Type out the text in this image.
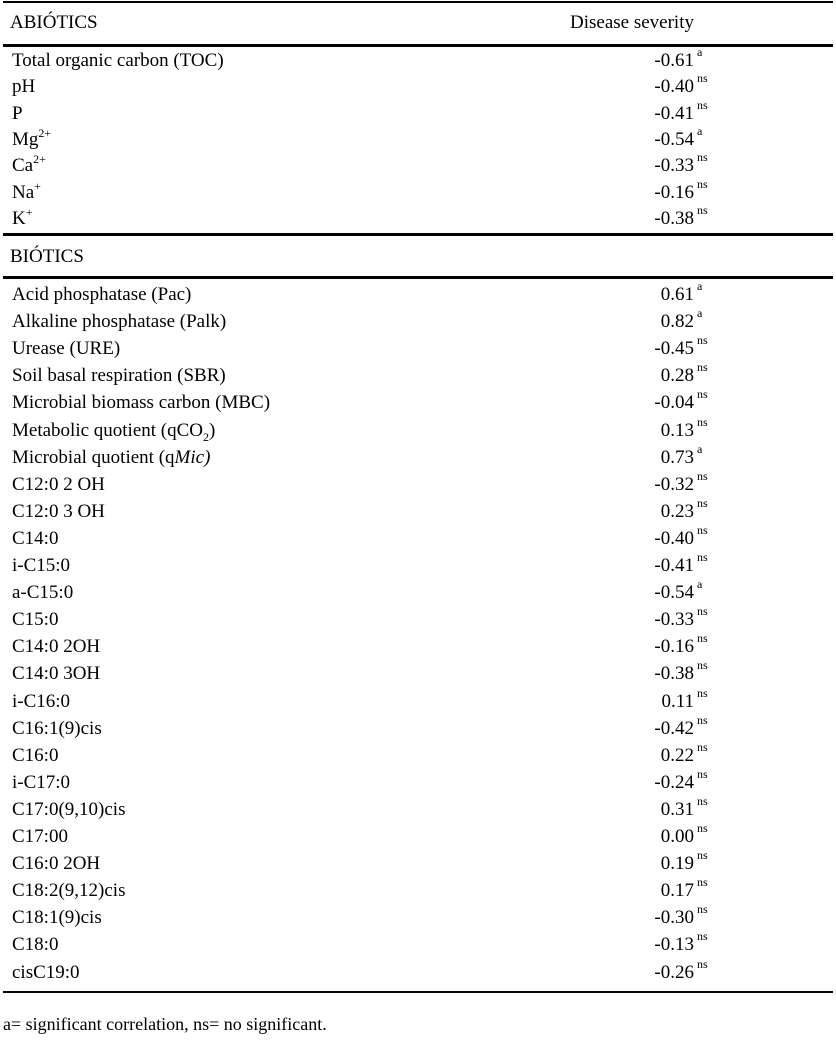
ABIÓTICS	Disease severity
Total organic carbon (TOC)	-0.61 a
pH	-0.40 ns
P	-0.41 ns
$Mg^{2+}$	-0.54 a
$Ca^{2+}$	-0.33 ns
Na+	-0.16 ns
K+	-0.38 ns
BIÓTICS
Acid phosphatase (Pac)	0.61 a
Alkaline phosphatase (Palk)	0.82 a
Urease (URE)	-0.45 ns
Soil basal respiration (SBR)	0.28 ns
Microbial biomass carbon (MBC)	-0.04 ns
Metabolic quotient (qCO$_2$)	0.13 ns
Microbial quotient (qMic)	0.73 a
C12:0 2 OH	-0.32 ns
C12:0 3 OH	0.23 ns
C14:0	-0.40 ns
i-C15:0	-0.41 ns
a-C15:0	-0.54 a
C15:0	-0.33 ns
C14:0 2OH	-0.16 ns
C14:0 3OH	-0.38 ns
i-C16:0	0.11 ns
C16:1(9)cis	-0.42 ns
C16:0	0.22 ns
i-C17:0	-0.24 ns
C17:0(9,10)cis	0.31 ns
C17:00	0.00 ns
C16:0 2OH	0.19 ns
C18:2(9,12)cis	0.17 ns
C18:1(9)cis	-0.30 ns
C18:0	-0.13 ns
cisC19:0	-0.26 ns
a= significant correlation, ns= no significant.
